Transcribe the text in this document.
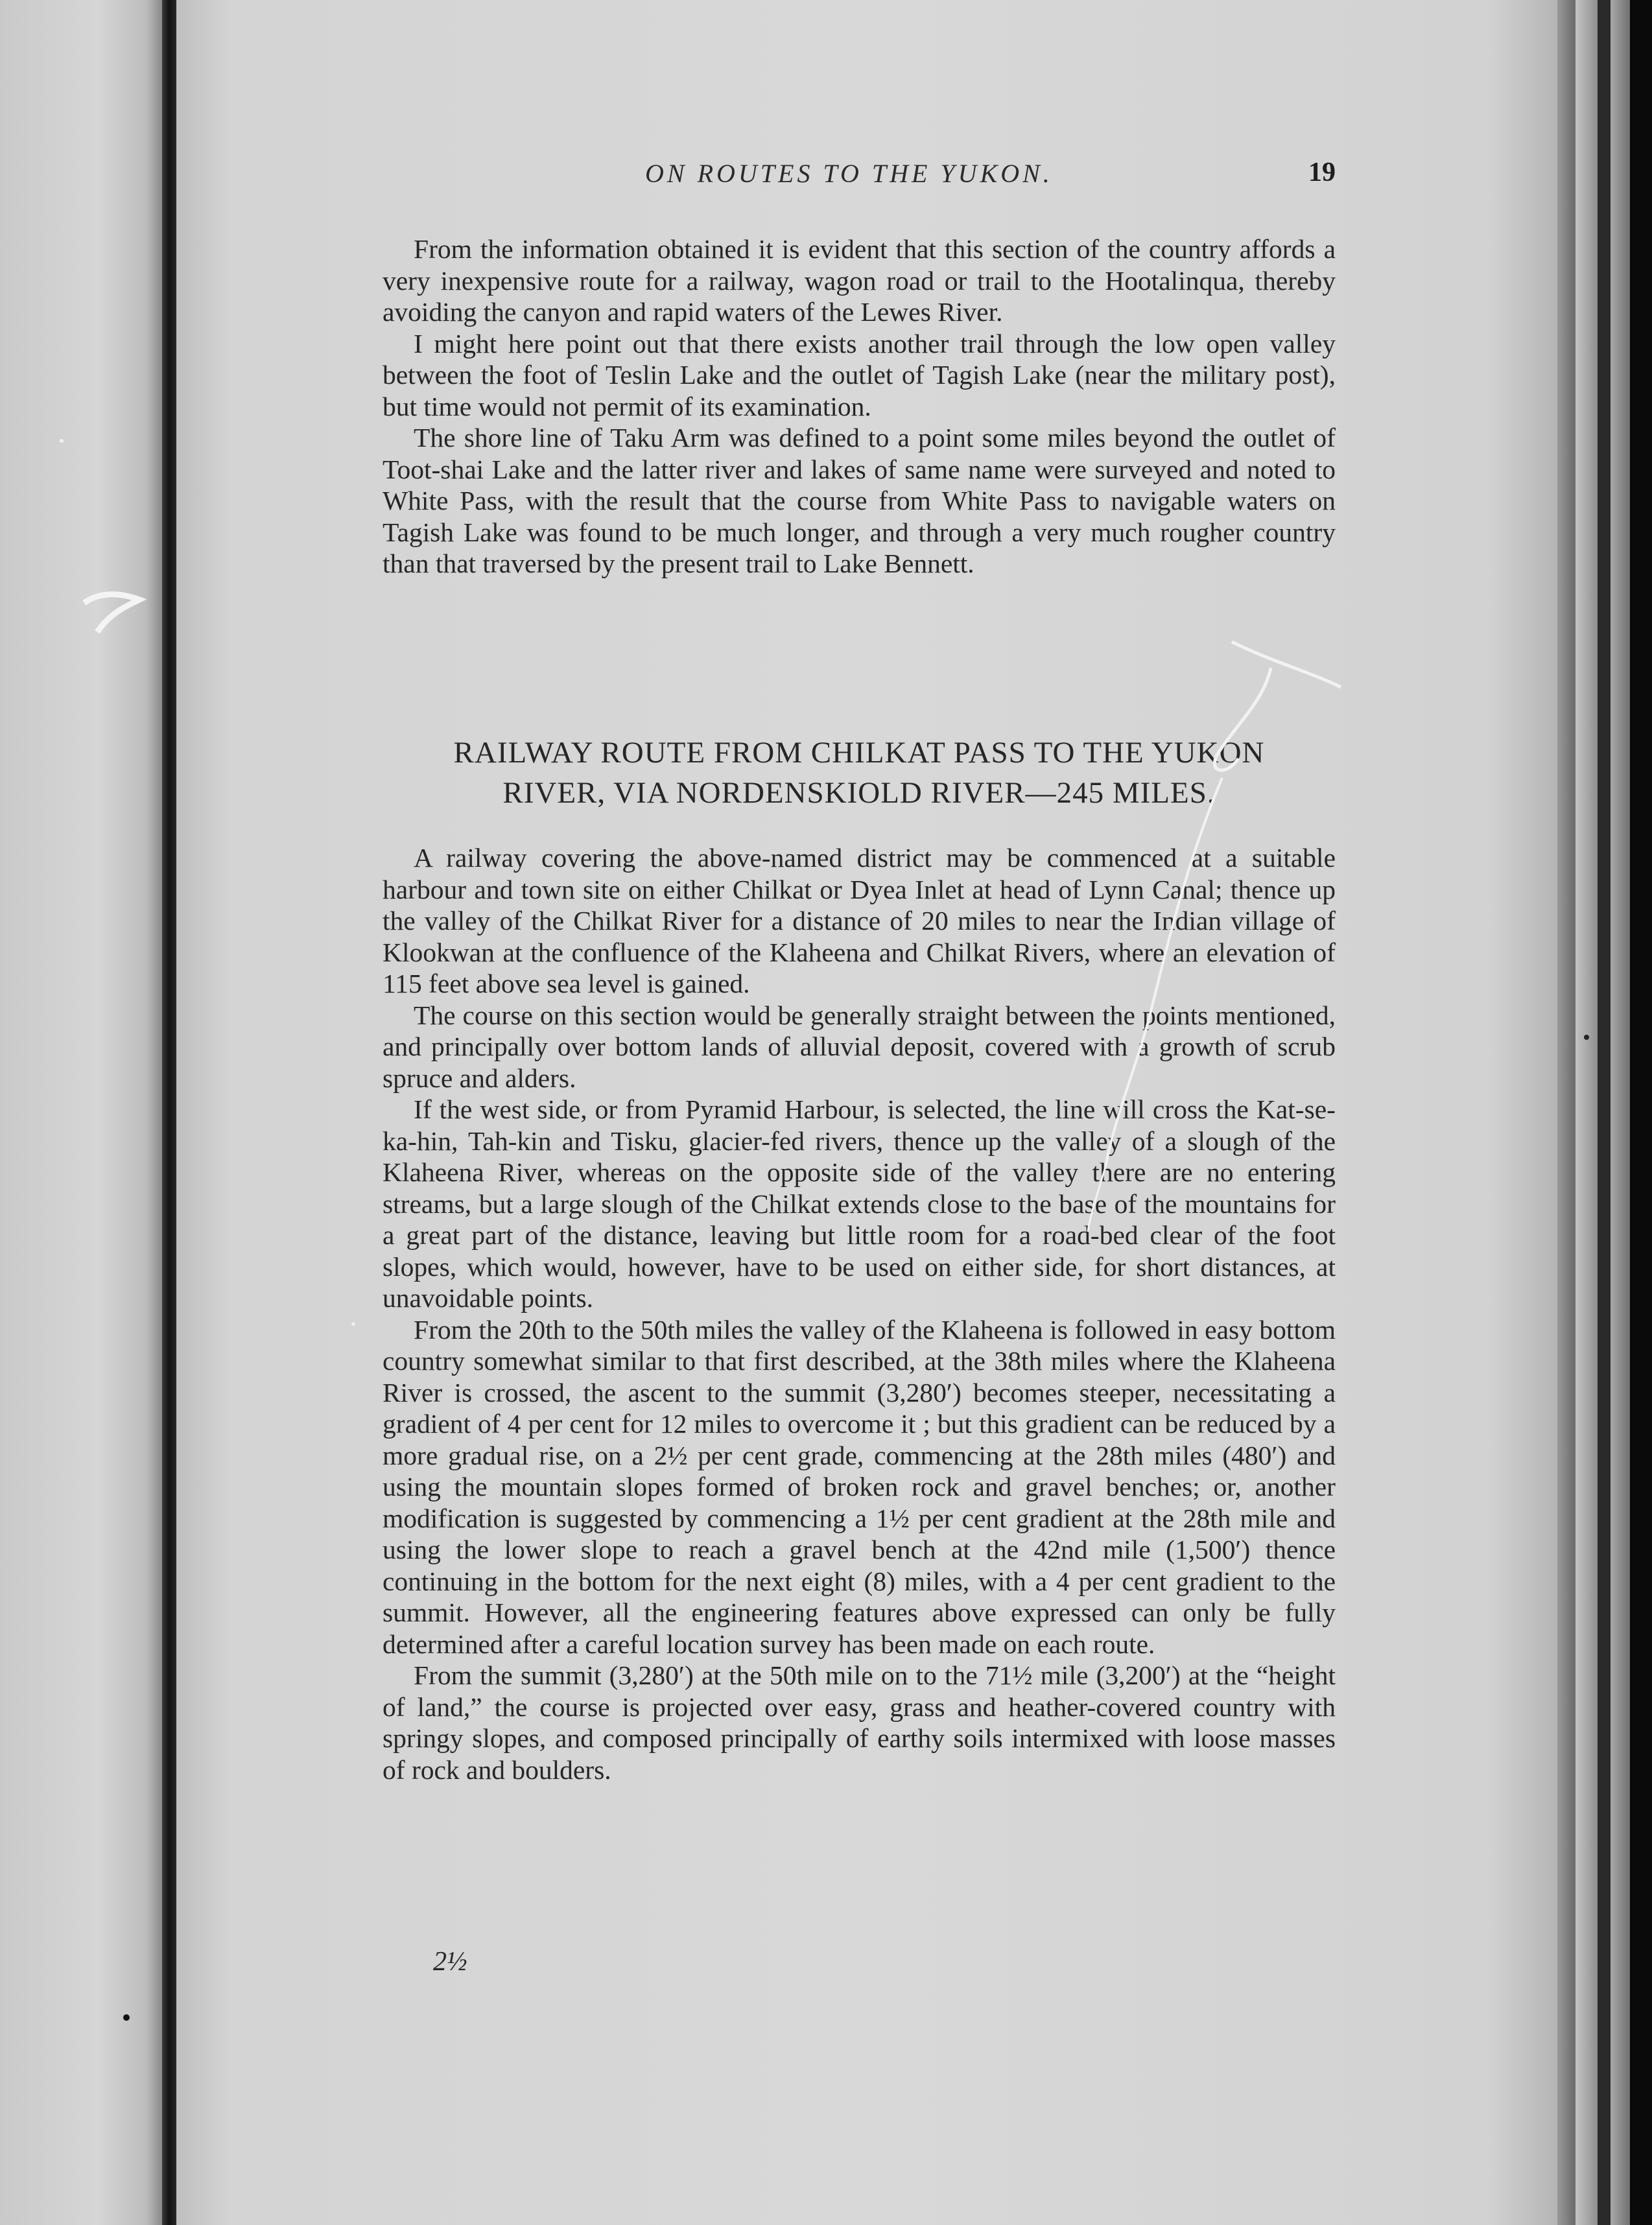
ON ROUTES TO THE YUKON.	19

From the information obtained it is evident that this section of the country affords a very inexpensive route for a railway, wagon road or trail to the Hootalinqua, thereby avoiding the canyon and rapid waters of the Lewes River.

I might here point out that there exists another trail through the low open valley between the foot of Teslin Lake and the outlet of Tagish Lake (near the military post), but time would not permit of its examination.

The shore line of Taku Arm was defined to a point some miles beyond the outlet of Toot-shai Lake and the latter river and lakes of same name were surveyed and noted to White Pass, with the result that the course from White Pass to navigable waters on Tagish Lake was found to be much longer, and through a very much rougher country than that traversed by the present trail to Lake Bennett.

RAILWAY ROUTE FROM CHILKAT PASS TO THE YUKON
RIVER, VIA NORDENSKIOLD RIVER—245 MILES.

A railway covering the above-named district may be commenced at a suitable harbour and town site on either Chilkat or Dyea Inlet at head of Lynn Canal; thence up the valley of the Chilkat River for a distance of 20 miles to near the Indian village of Klookwan at the confluence of the Klaheena and Chilkat Rivers, where an elevation of 115 feet above sea level is gained.

The course on this section would be generally straight between the points mentioned, and principally over bottom lands of alluvial deposit, covered with a growth of scrub spruce and alders.

If the west side, or from Pyramid Harbour, is selected, the line will cross the Kat-se-ka-hin, Tah-kin and Tisku, glacier-fed rivers, thence up the valley of a slough of the Klaheena River, whereas on the opposite side of the valley there are no entering streams, but a large slough of the Chilkat extends close to the base of the mountains for a great part of the distance, leaving but little room for a road-bed clear of the foot slopes, which would, however, have to be used on either side, for short distances, at unavoidable points.

From the 20th to the 50th miles the valley of the Klaheena is followed in easy bottom country somewhat similar to that first described, at the 38th miles where the Klaheena River is crossed, the ascent to the summit (3,280′) becomes steeper, necessitating a gradient of 4 per cent for 12 miles to overcome it ; but this gradient can be reduced by a more gradual rise, on a 2½ per cent grade, commencing at the 28th miles (480′) and using the mountain slopes formed of broken rock and gravel benches; or, another modification is suggested by commencing a 1½ per cent gradient at the 28th mile and using the lower slope to reach a gravel bench at the 42nd mile (1,500′) thence continuing in the bottom for the next eight (8) miles, with a 4 per cent gradient to the summit. However, all the engineering features above expressed can only be fully determined after a careful location survey has been made on each route.

From the summit (3,280′) at the 50th mile on to the 71½ mile (3,200′) at the “height of land,” the course is projected over easy, grass and heather-covered country with springy slopes, and composed principally of earthy soils intermixed with loose masses of rock and boulders.

2½
